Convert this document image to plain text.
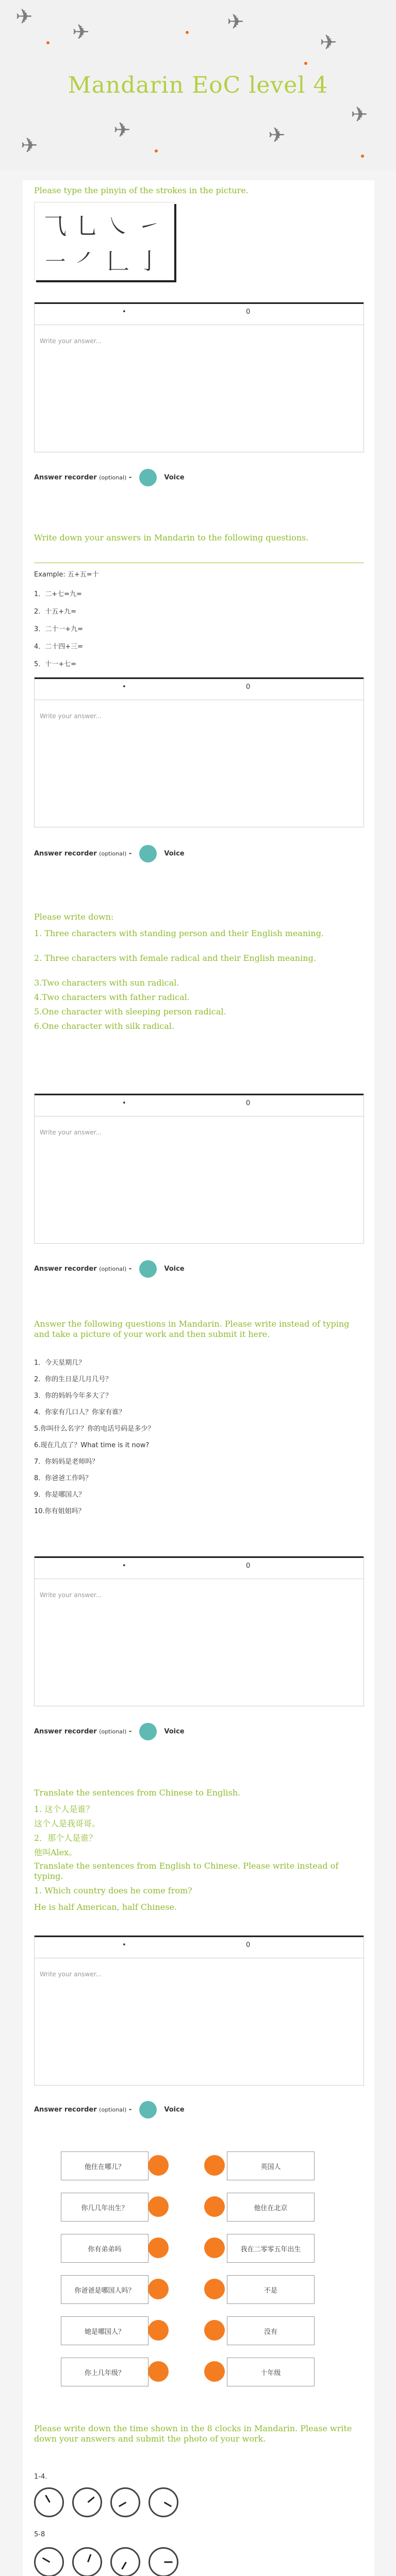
✈
✈	✈
✈
✈	✈
✈
✈
Mandarin EoC level 4
Please type the pinyin of the strokes in the picture.
⺄ 乚 ㇏ ㇀
㇐ ㇒ 𠃊 亅
•	0
Write your answer...
Answer recorder (optional) -	Voice
Write down your answers in Mandarin to the following questions.
Example: 五+五=十
1．二+七=九=
2．十五+九=
3．二十一+九=
4．二十四+三=
5．十一+七=
•	0
Write your answer...
Answer recorder (optional) -	Voice
Please write down:
1. Three characters with standing person and their English meaning.
2. Three characters with female radical and their English meaning.
3.Two characters with sun radical.
4.Two characters with father radical.
5.One character with sleeping person radical.
6.One character with silk radical.
•	0
Write your answer...
Answer recorder (optional) -	Voice
Answer the following questions in Mandarin. Please write instead of typing and take a picture of your work and then submit it here.
1．今天星期几？
2．你的生日是几月几号？
3．你的妈妈今年多大了？
4．你家有几口人？你家有谁？
5.你叫什么名字？你的电话号码是多少？
6.现在几点了？What time is it now?
7．你妈妈是老师吗？
8．你爸爸工作吗？
9．你是哪国人？
10.你有姐姐吗？
•	0
Write your answer...
Answer recorder (optional) -	Voice
Translate the sentences from Chinese to English.
1. 这个人是谁？
这个人是我哥哥。
2．那个人是谁？
他叫Alex。
Translate the sentences from English to Chinese. Please write instead of typing.
1. Which country does he come from?
He is half American, half Chinese.
•	0
Write your answer...
Answer recorder (optional) -	Voice
他住在哪儿？	英国人
你几几年出生？	他住在北京
你有弟弟吗	我在二零零五年出生
你爸爸是哪国人吗？	不是
她是哪国人？	没有
你上几年级？	十年级
Please write down the time shown in the 8 clocks in Mandarin. Please write down your answers and submit the photo of your work.
1-4.
5-8
